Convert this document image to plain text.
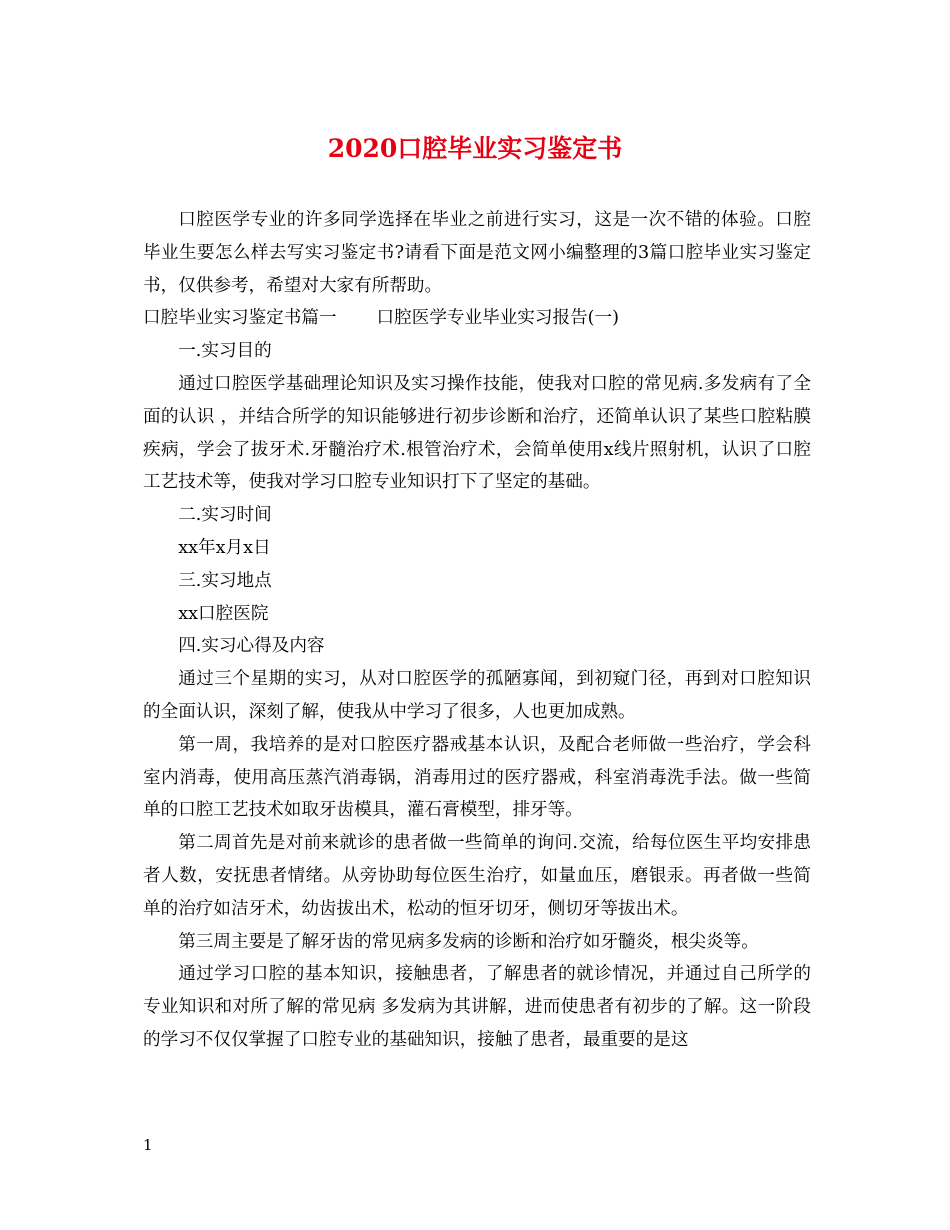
2020口腔毕业实习鉴定书

口腔医学专业的许多同学选择在毕业之前进行实习，这是一次不错的体验。口腔毕业生要怎么样去写实习鉴定书?请看下面是范文网小编整理的3篇口腔毕业实习鉴定书，仅供参考，希望对大家有所帮助。

口腔毕业实习鉴定书篇一 口腔医学专业毕业实习报告(一)

一.实习目的

通过口腔医学基础理论知识及实习操作技能，使我对口腔的常见病.多发病有了全面的认识 ，并结合所学的知识能够进行初步诊断和治疗，还简单认识了某些口腔粘膜疾病，学会了拔牙术.牙髓治疗术.根管治疗术，会简单使用x线片照射机，认识了口腔工艺技术等，使我对学习口腔专业知识打下了坚定的基础。

二.实习时间

xx年x月x日

三.实习地点

xx口腔医院

四.实习心得及内容

通过三个星期的实习，从对口腔医学的孤陋寡闻，到初窥门径，再到对口腔知识的全面认识，深刻了解，使我从中学习了很多，人也更加成熟。

第一周，我培养的是对口腔医疗器戒基本认识，及配合老师做一些治疗，学会科室内消毒，使用高压蒸汽消毒锅，消毒用过的医疗器戒，科室消毒洗手法。做一些简单的口腔工艺技术如取牙齿模具，灌石膏模型，排牙等。

第二周首先是对前来就诊的患者做一些简单的询问.交流，给每位医生平均安排患者人数，安抚患者情绪。从旁协助每位医生治疗，如量血压，磨银汞。再者做一些简单的治疗如洁牙术，幼齿拔出术，松动的恒牙切牙，侧切牙等拔出术。

第三周主要是了解牙齿的常见病多发病的诊断和治疗如牙髓炎，根尖炎等。

通过学习口腔的基本知识，接触患者，了解患者的就诊情况，并通过自己所学的专业知识和对所了解的常见病 多发病为其讲解，进而使患者有初步的了解。这一阶段的学习不仅仅掌握了口腔专业的基础知识，接触了患者，最重要的是这

1
